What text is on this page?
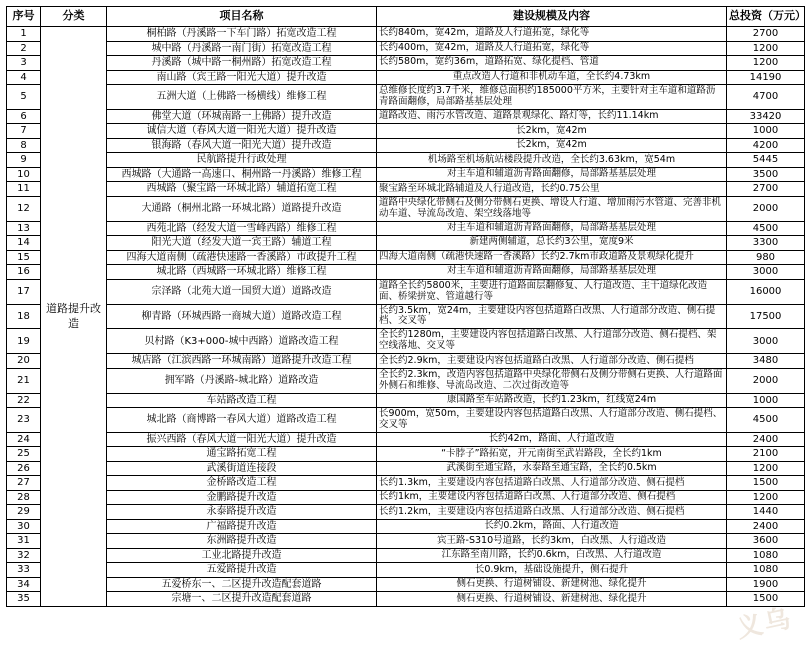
序号	分类	项目名称	建设规模及内容	总投资（万元）
1	道路提升改造	桐柏路（丹溪路一下车门路）拓宽改造工程	长约840m，宽42m，道路及人行道拓宽，绿化等	2700
2		城中路（丹溪路一南门街）拓宽改造工程	长约400m，宽42m，道路及人行道拓宽，绿化等	1200
3		丹溪路（城中路一桐州路）拓宽改造工程	长约580m，宽约36m，道路拓宽、绿化提档、管道	1200
4		南山路（宾王路一阳光大道）提升改造	重点改造人行道和非机动车道，全长约4.73km	14190
5		五洲大道（上佛路一杨横线）维修工程	总维修长度约3.7千米，维修总面积约185000平方米，主要针对主车道和道路沥青路面翻修，局部路基基层处理	4700
6		佛堂大道（环城南路一上佛路）提升改造	道路改造、雨污水管改造、道路景观绿化、路灯等，长约11.14km	33420
7		诚信大道（春风大道一阳光大道）提升改造	长2km，宽42m	1000
8		银海路（春风大道一阳光大道）提升改造	长2km，宽42m	4200
9		民航路提升行政处理	机场路至机场航站楼段提升改造，全长约3.63km，宽54m	5445
10		西城路（大通路一高速口、桐州路一丹溪路）维修工程	对主车道和辅道沥青路面翻修，局部路基基层处理	3500
11		西城路（聚宝路一环城北路）辅道拓宽工程	聚宝路至环城北路辅道及人行道改造，长约0.75公里	2700
12		大通路（桐州北路一环城北路）道路提升改造	道路中央绿化带侧石及侧分带侧石更换、增设人行道、增加雨污水管道、完善非机动车道、导流岛改造、架空线落地等	2000
13		西苑北路（经发大道一雪峰西路）维修工程	对主车道和辅道沥青路面翻修，局部路基基层处理	4500
14		阳光大道（经发大道一宾王路）辅道工程	新建两侧辅道，总长约3公里，宽度9米	3300
15		四海大道南侧（疏港快速路一香溪路）市政提升工程	四海大道南侧（疏港快速路一香溪路）长约2.7km市政道路及景观绿化提升	980
16		城北路（西城路一环城北路）维修工程	对主车道和辅道沥青路面翻修，局部路基基层处理	3000
17		宗泽路（北苑大道一国贸大道）道路改造	道路全长约5800米，主要进行道路面层翻修复、人行道改造、主干道绿化改造面、桥梁拼宽、管道越行等	16000
18		柳青路（环城西路一商城大道）道路改造工程	长约3.5km，宽24m，主要建设内容包括道路白改黑、人行道部分改造、侧石提档、交叉等	17500
19		贝村路（K3+000-城中西路）道路改造工程	全长约1280m，主要建设内容包括道路白改黑、人行道部分改造、侧石提档、架空线落地、交叉等	3000
20		城店路（江滨西路一环城南路）道路提升改造工程	全长约2.9km，主要建设内容包括道路白改黑、人行道部分改造、侧石提档	3480
21		拥军路（丹溪路-城北路）道路改造	全长约2.3km，改造内容包括道路中央绿化带侧石及侧分带侧石更换、人行道路面外侧石和维修、导流岛改造、二次过街改造等	2000
22		车站路改造工程	康国路至车站路改造，长约1.23km，红线宽24m	1000
23		城北路（商博路一春风大道）道路改造工程	长900m，宽50m，主要建设内容包括道路白改黑、人行道部分改造、侧石提档、交叉等	4500
24		振兴西路（春风大道一阳光大道）提升改造	长约42m，路面、人行道改造	2400
25		通宝路拓宽工程	“卡脖子”路拓宽，开元南街至武岩路段，全长约1km	2100
26		武溪街道连接段	武溪街至通宝路，永泰路至通宝路，全长约0.5km	1200
27		金桥路改造工程	长约1.3km，主要建设内容包括道路白改黑、人行道部分改造、侧石提档	1500
28		金鹏路提升改造	长约1km，主要建设内容包括道路白改黑、人行道部分改造、侧石提档	1200
29		永泰路提升改造	长约1.2km，主要建设内容包括道路白改黑、人行道部分改造、侧石提档	1440
30		广福路提升改造	长约0.2km，路面、人行道改造	2400
31		东洲路提升改造	宾王路-S310号道路，长约3km，白改黑、人行道改造	3600
32		工业北路提升改造	江东路至南川路，长约0.6km，白改黑、人行道改造	1080
33		五爱路提升改造	长0.9km，基础设施提升，侧石提升	1080
34		五爱桥东一、二区提升改造配套道路	侧石更换、行道树铺设、新建树池、绿化提升	1900
35		宗塘一、二区提升改造配套道路	侧石更换、行道树铺设、新建树池、绿化提升	1500
义乌
